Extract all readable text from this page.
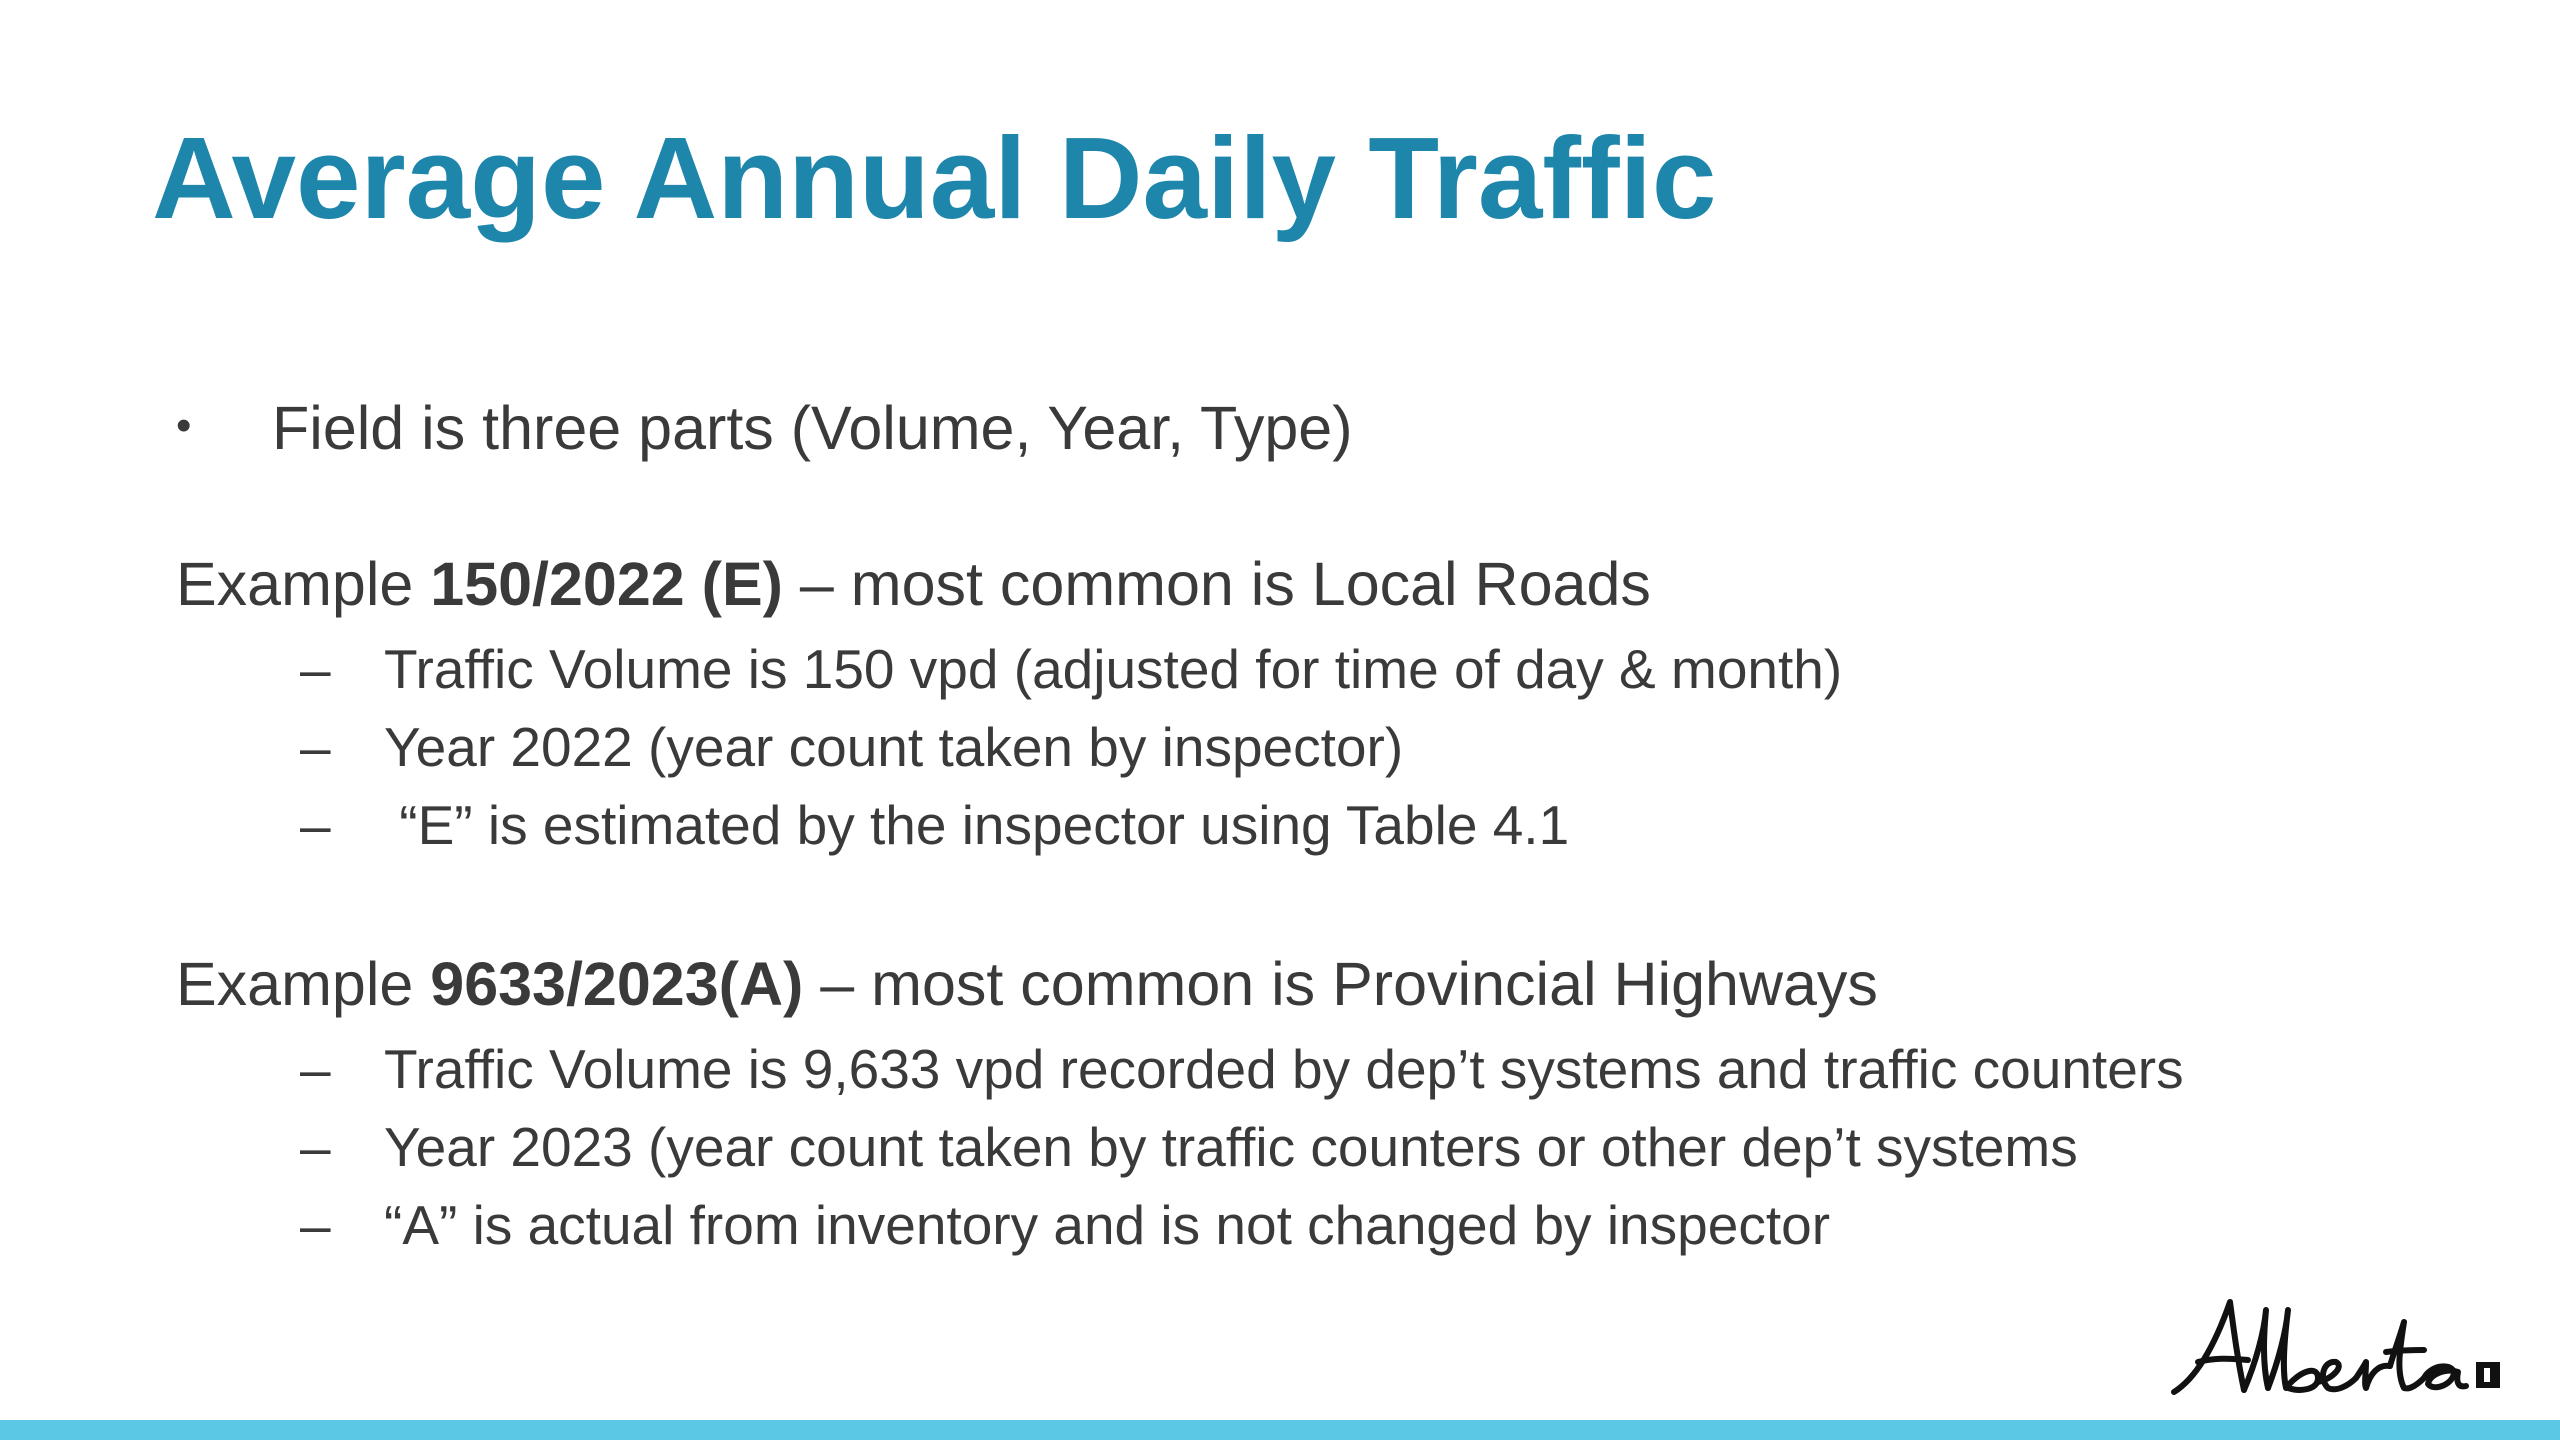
Average Annual Daily Traffic
• Field is three parts (Volume, Year, Type)
Example 150/2022 (E) – most common is Local Roads
– Traffic Volume is 150 vpd (adjusted for time of day & month)
– Year 2022 (year count taken by inspector)
– “E” is estimated by the inspector using Table 4.1
Example 9633/2023(A) – most common is Provincial Highways
– Traffic Volume is 9,633 vpd recorded by dep’t systems and traffic counters
– Year 2023 (year count taken by traffic counters or other dep’t systems
– “A” is actual from inventory and is not changed by inspector
